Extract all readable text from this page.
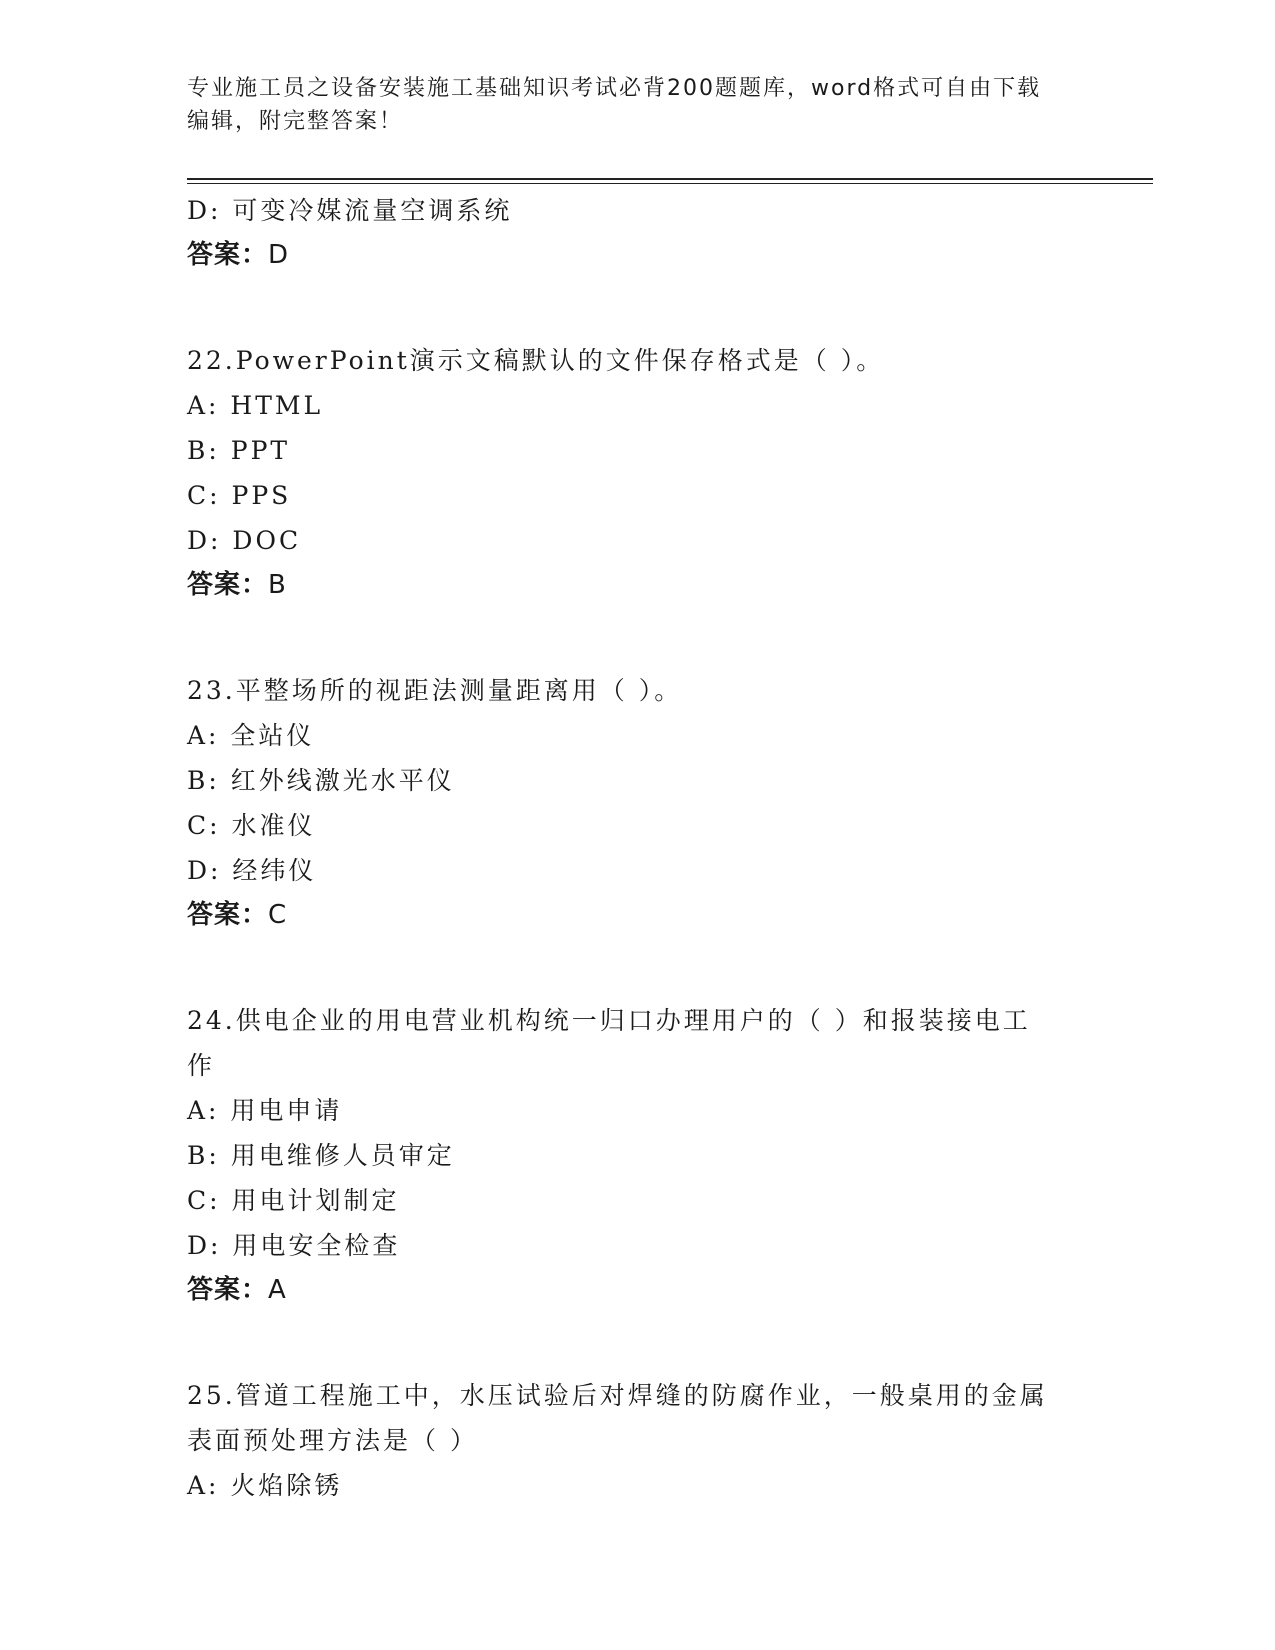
专业施工员之设备安装施工基础知识考试必背200题题库，word格式可自由下载
编辑，附完整答案！
D: 可变冷媒流量空调系统
答案：D
22.PowerPoint演示文稿默认的文件保存格式是（ ）。
A: HTML
B: PPT
C: PPS
D: DOC
答案：B
23.平整场所的视距法测量距离用（ ）。
A: 全站仪
B: 红外线激光水平仪
C: 水准仪
D: 经纬仪
答案：C
24.供电企业的用电营业机构统一归口办理用户的（ ）和报装接电工
作
A: 用电申请
B: 用电维修人员审定
C: 用电计划制定
D: 用电安全检查
答案：A
25.管道工程施工中，水压试验后对焊缝的防腐作业，一般桌用的金属
表面预处理方法是（ ）
A: 火焰除锈
